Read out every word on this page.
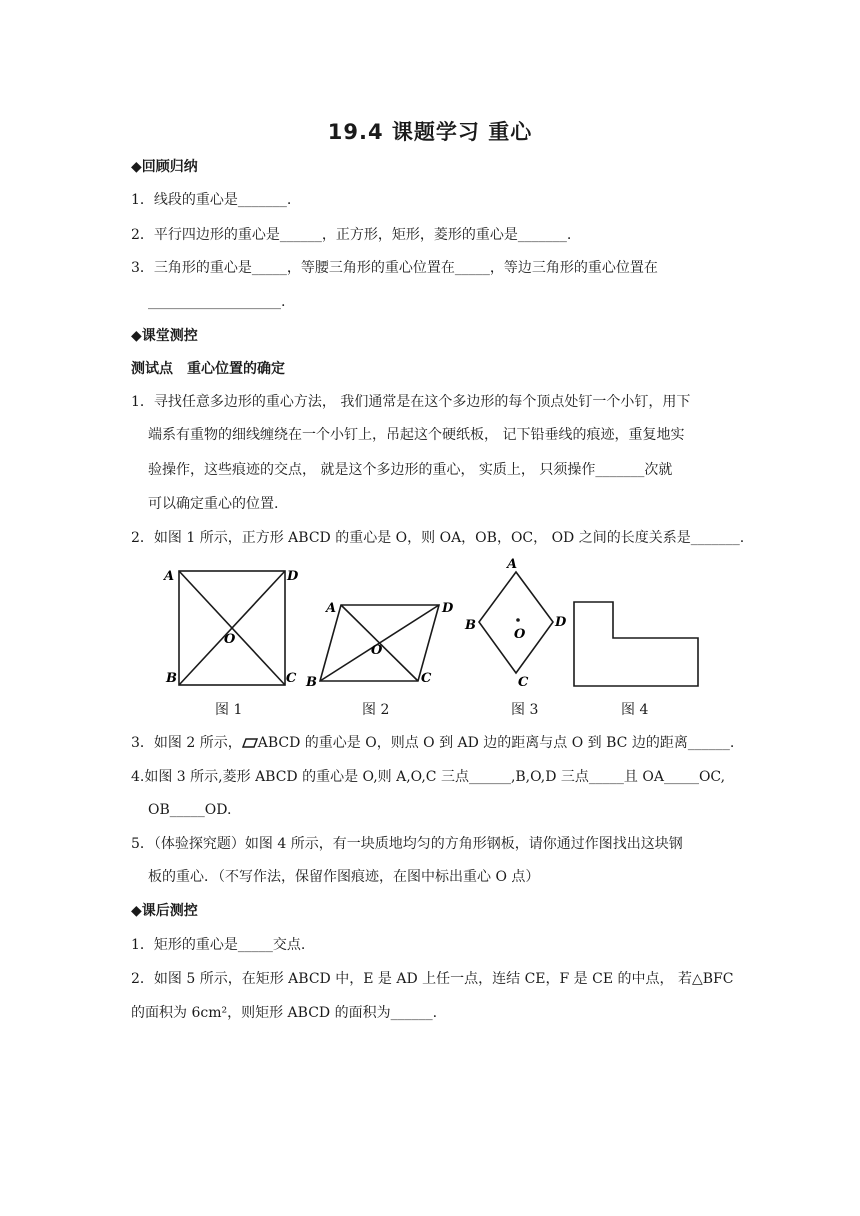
19.4 课题学习 重心
◆回顾归纳
1．线段的重心是_______.
2．平行四边形的重心是______，正方形，矩形，菱形的重心是_______.
3．三角形的重心是_____，等腰三角形的重心位置在_____，等边三角形的重心位置在
___________________.
◆课堂测控
测试点　重心位置的确定
1．寻找任意多边形的重心方法， 我们通常是在这个多边形的每个顶点处钉一个小钉，用下
端系有重物的细线缠绕在一个小钉上，吊起这个硬纸板， 记下铅垂线的痕迹，重复地实
验操作，这些痕迹的交点， 就是这个多边形的重心， 实质上， 只须操作_______次就
可以确定重心的位置.
2．如图 1 所示，正方形 ABCD 的重心是 O，则 OA，OB，OC， OD 之间的长度关系是_______.
A	D
B	C
O
A	D
B	C
O
A
D
B
C
O
图 1	图 2	图 3	图 4
3．如图 2 所示， ABCD 的重心是 O，则点 O 到 AD 边的距离与点 O 到 BC 边的距离______.
4.如图 3 所示,菱形 ABCD 的重心是 O,则 A,O,C 三点______,B,O,D 三点_____且 OA_____OC,
OB_____OD.
5．（体验探究题）如图 4 所示，有一块质地均匀的方角形钢板，请你通过作图找出这块钢
板的重心．（不写作法，保留作图痕迹，在图中标出重心 O 点）
◆课后测控
1．矩形的重心是_____交点.
2．如图 5 所示，在矩形 ABCD 中，E 是 AD 上任一点，连结 CE，F 是 CE 的中点， 若△BFC
的面积为 6cm²，则矩形 ABCD 的面积为______.
